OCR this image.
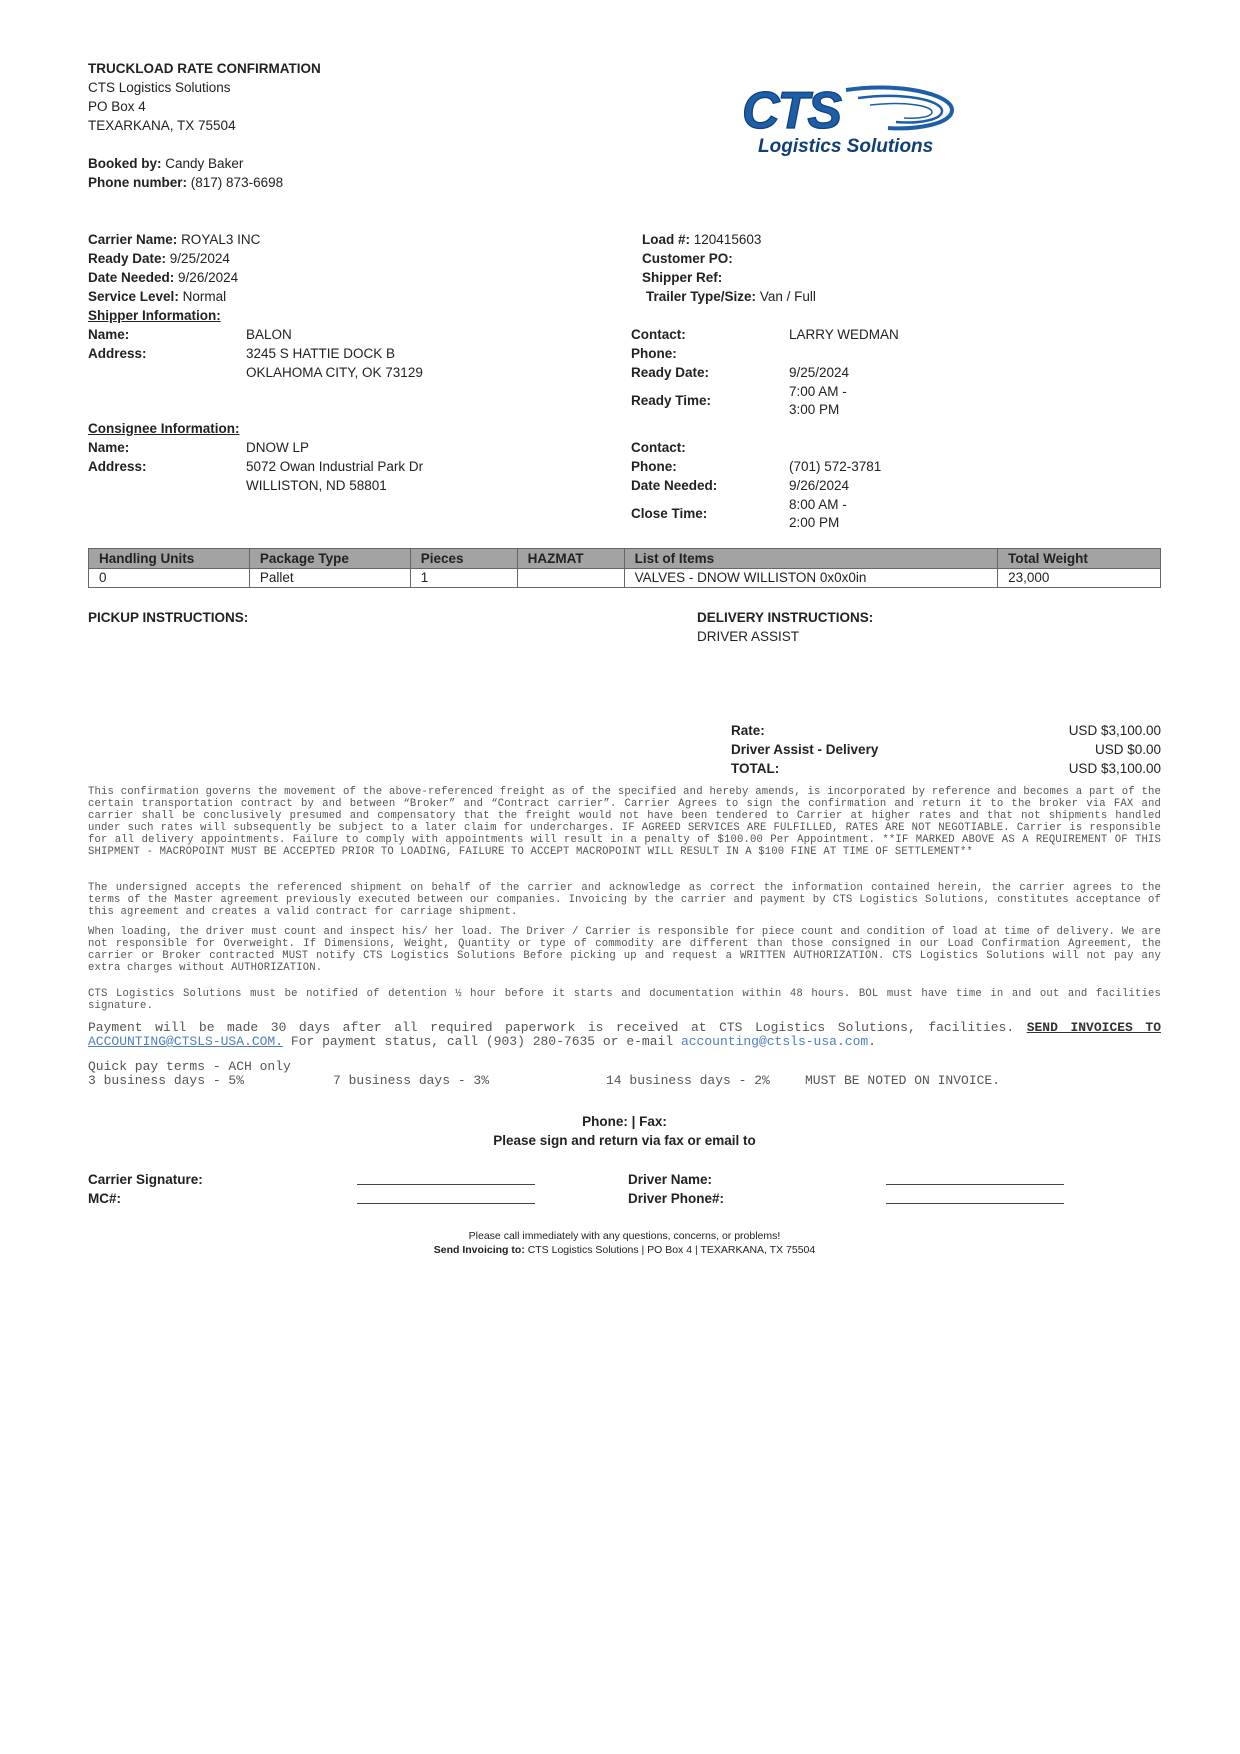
TRUCKLOAD RATE CONFIRMATION
CTS Logistics Solutions
PO Box 4
TEXARKANA, TX 75504
Booked by: Candy Baker
Phone number: (817) 873-6698
CTS
Logistics Solutions
Carrier Name: ROYAL3 INC
Ready Date: 9/25/2024
Date Needed: 9/26/2024
Service Level: Normal
Load #: 120415603
Customer PO:
Shipper Ref:
Trailer Type/Size: Van / Full
Shipper Information:
Name:	BALON
Address:	3245 S HATTIE DOCK B
OKLAHOMA CITY, OK 73129
Contact:	LARRY WEDMAN
Phone:
Ready Date:	9/25/2024
Ready Time:
7:00 AM -
3:00 PM
Consignee Information:
Name:	DNOW LP
Address:	5072 Owan Industrial Park Dr
WILLISTON, ND 58801
Contact:
Phone:	(701) 572-3781
Date Needed:	9/26/2024
Close Time:
8:00 AM -
2:00 PM
Handling Units	Package Type	Pieces	HAZMAT	List of Items	Total Weight
0	Pallet	1		VALVES - DNOW WILLISTON 0x0x0in	23,000
PICKUP INSTRUCTIONS:	DELIVERY INSTRUCTIONS:
DRIVER ASSIST
Rate:	USD $3,100.00
Driver Assist - Delivery	USD $0.00
TOTAL:	USD $3,100.00
This confirmation governs the movement of the above-referenced freight as of the specified and hereby amends, is incorporated by reference and becomes a part of the certain transportation contract by and between “Broker” and “Contract carrier”. Carrier Agrees to sign the confirmation and return it to the broker via FAX and carrier shall be conclusively presumed and compensatory that the freight would not have been tendered to Carrier at higher rates and that not shipments handled under such rates will subsequently be subject to a later claim for undercharges. IF AGREED SERVICES ARE FULFILLED, RATES ARE NOT NEGOTIABLE. Carrier is responsible for all delivery appointments. Failure to comply with appointments will result in a penalty of $100.00 Per Appointment. **IF MARKED ABOVE AS A REQUIREMENT OF THIS SHIPMENT - MACROPOINT MUST BE ACCEPTED PRIOR TO LOADING, FAILURE TO ACCEPT MACROPOINT WILL RESULT IN A $100 FINE AT TIME OF SETTLEMENT**
The undersigned accepts the referenced shipment on behalf of the carrier and acknowledge as correct the information contained herein, the carrier agrees to the terms of the Master agreement previously executed between our companies. Invoicing by the carrier and payment by CTS Logistics Solutions, constitutes acceptance of this agreement and creates a valid contract for carriage shipment.
When loading, the driver must count and inspect his/ her load. The Driver / Carrier is responsible for piece count and condition of load at time of delivery. We are not responsible for Overweight. If Dimensions, Weight, Quantity or type of commodity are different than those consigned in our Load Confirmation Agreement, the carrier or Broker contracted MUST notify CTS Logistics Solutions Before picking up and request a WRITTEN AUTHORIZATION. CTS Logistics Solutions will not pay any extra charges without AUTHORIZATION.
CTS Logistics Solutions must be notified of detention ½ hour before it starts and documentation within 48 hours. BOL must have time in and out and facilities signature.
Payment will be made 30 days after all required paperwork is received at CTS Logistics Solutions, facilities. SEND INVOICES TO ACCOUNTING@CTSLS-USA.COM. For payment status, call (903) 280-7635 or e-mail accounting@ctsls-usa.com.
Quick pay terms - ACH only
3 business days - 5%	7 business days - 3%	14 business days - 2%	MUST BE NOTED ON INVOICE.
Phone: | Fax:
Please sign and return via fax or email to
Carrier Signature:
MC#:
Driver Name:
Driver Phone#:
Please call immediately with any questions, concerns, or problems!
Send Invoicing to: CTS Logistics Solutions | PO Box 4 | TEXARKANA, TX 75504
